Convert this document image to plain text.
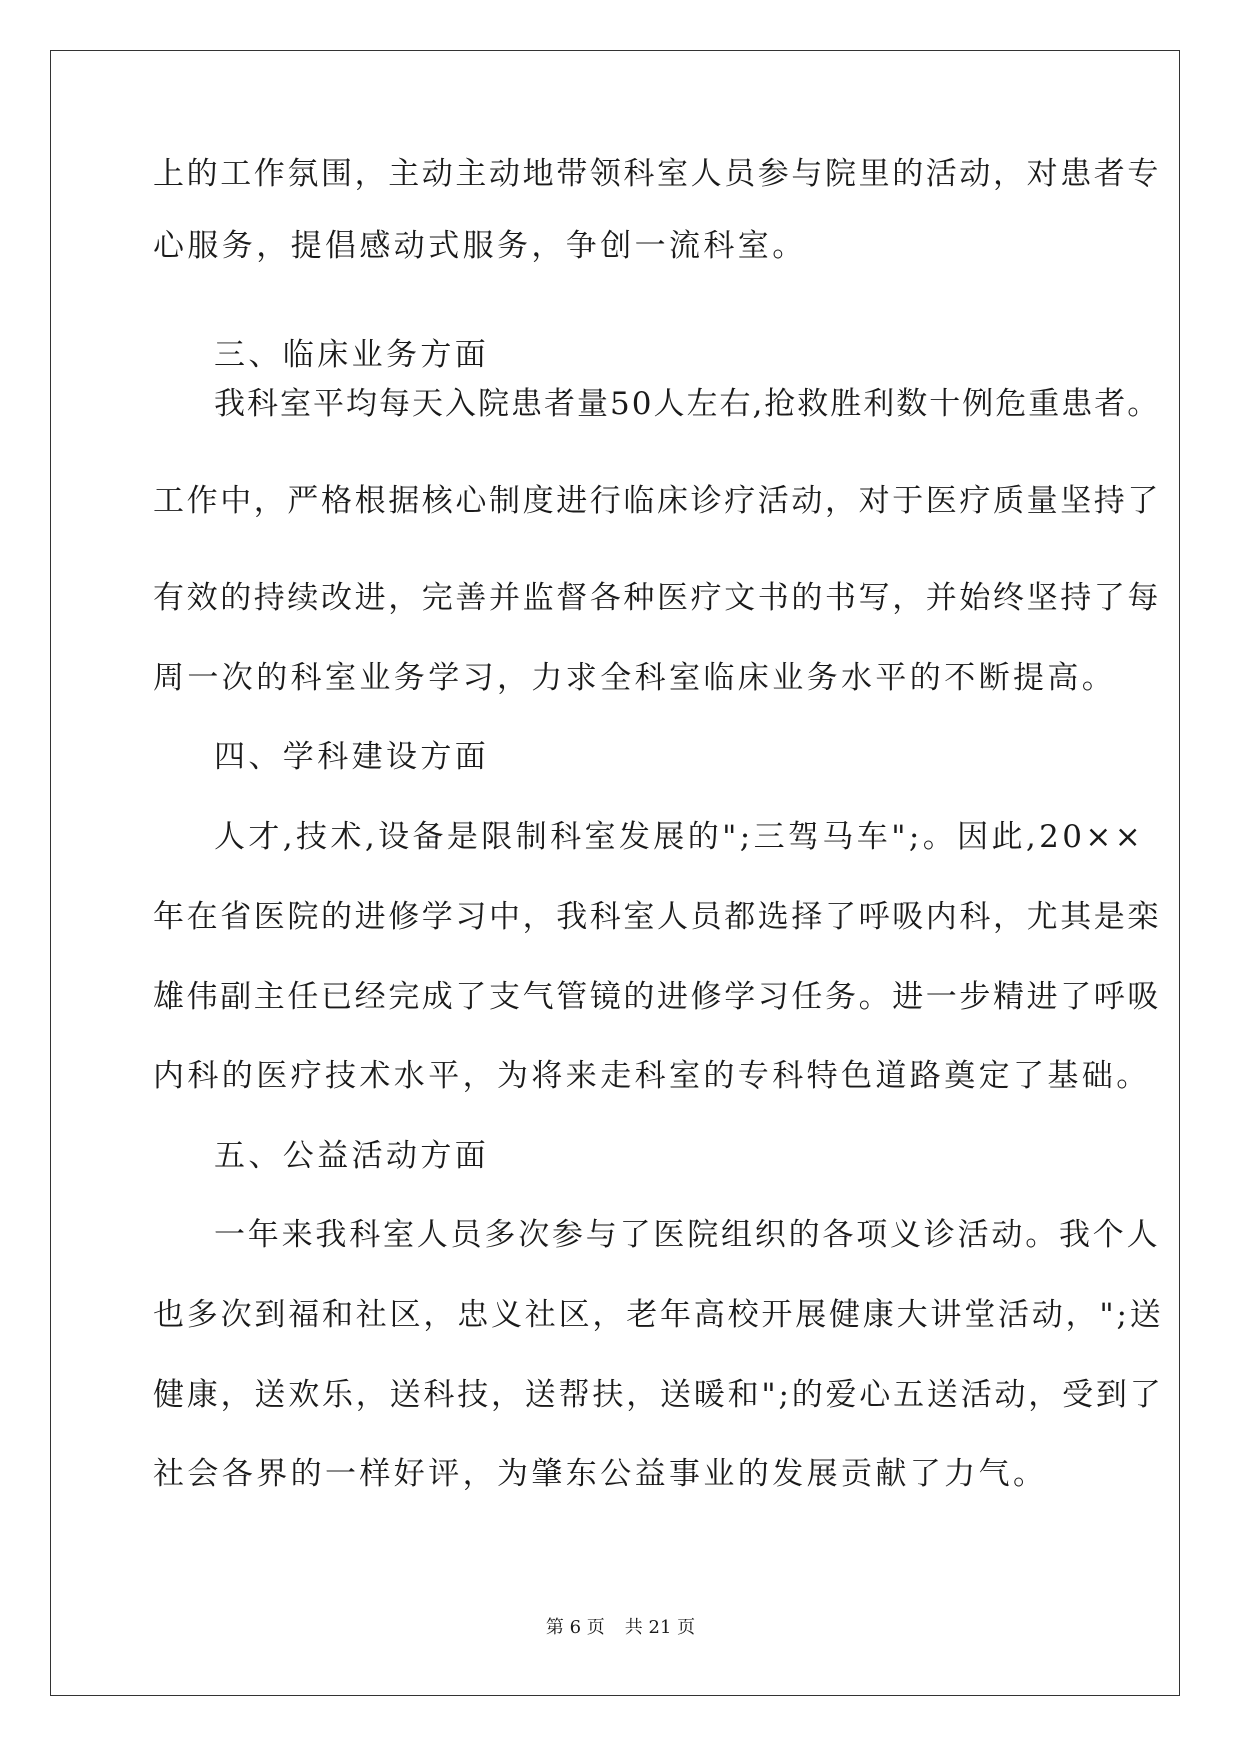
上的工作氛围，主动主动地带领科室人员参与院里的活动，对患者专
心服务，提倡感动式服务，争创一流科室。
三、临床业务方面
我科室平均每天入院患者量50人左右,抢救胜利数十例危重患者。
工作中，严格根据核心制度进行临床诊疗活动，对于医疗质量坚持了
有效的持续改进，完善并监督各种医疗文书的书写，并始终坚持了每
周一次的科室业务学习，力求全科室临床业务水平的不断提高。
四、学科建设方面
人才,技术,设备是限制科室发展的";三驾马车";。因此,20××
年在省医院的进修学习中，我科室人员都选择了呼吸内科，尤其是栾
雄伟副主任已经完成了支气管镜的进修学习任务。进一步精进了呼吸
内科的医疗技术水平，为将来走科室的专科特色道路奠定了基础。
五、公益活动方面
一年来我科室人员多次参与了医院组织的各项义诊活动。我个人
也多次到福和社区，忠义社区，老年高校开展健康大讲堂活动，";送
健康，送欢乐，送科技，送帮扶，送暖和";的爱心五送活动，受到了
社会各界的一样好评，为肇东公益事业的发展贡献了力气。
第 6 页 共 21 页
